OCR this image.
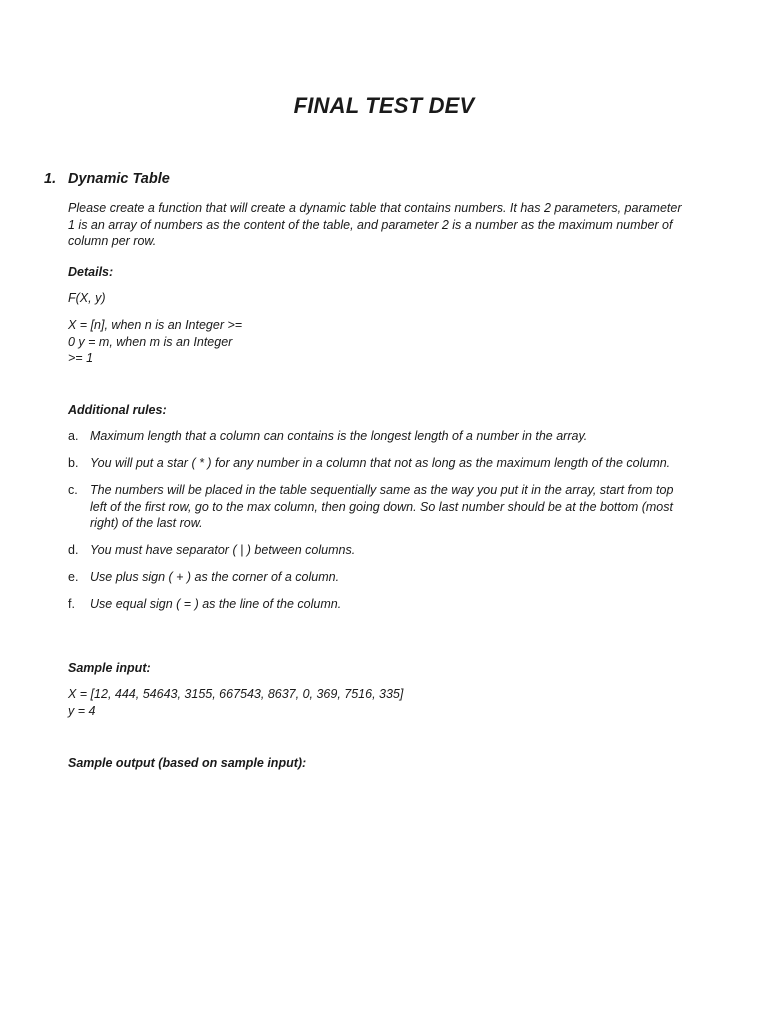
FINAL TEST DEV
1. Dynamic Table
Please create a function that will create a dynamic table that contains numbers. It has 2 parameters, parameter 1 is an array of numbers as the content of the table, and parameter 2 is a number as the maximum number of column per row.
Details:
F(X, y)
X = [n], when n is an Integer >=
0 y = m, when m is an Integer
>= 1
Additional rules:
a. Maximum length that a column can contains is the longest length of a number in the array.
b. You will put a star ( * ) for any number in a column that not as long as the maximum length of the column.
c. The numbers will be placed in the table sequentially same as the way you put it in the array, start from top left of the first row, go to the max column, then going down. So last number should be at the bottom (most right) of the last row.
d. You must have separator ( | ) between columns.
e. Use plus sign ( + ) as the corner of a column.
f. Use equal sign ( = ) as the line of the column.
Sample input:
X = [12, 444, 54643, 3155, 667543, 8637, 0, 369, 7516, 335]
y = 4
Sample output (based on sample input):
